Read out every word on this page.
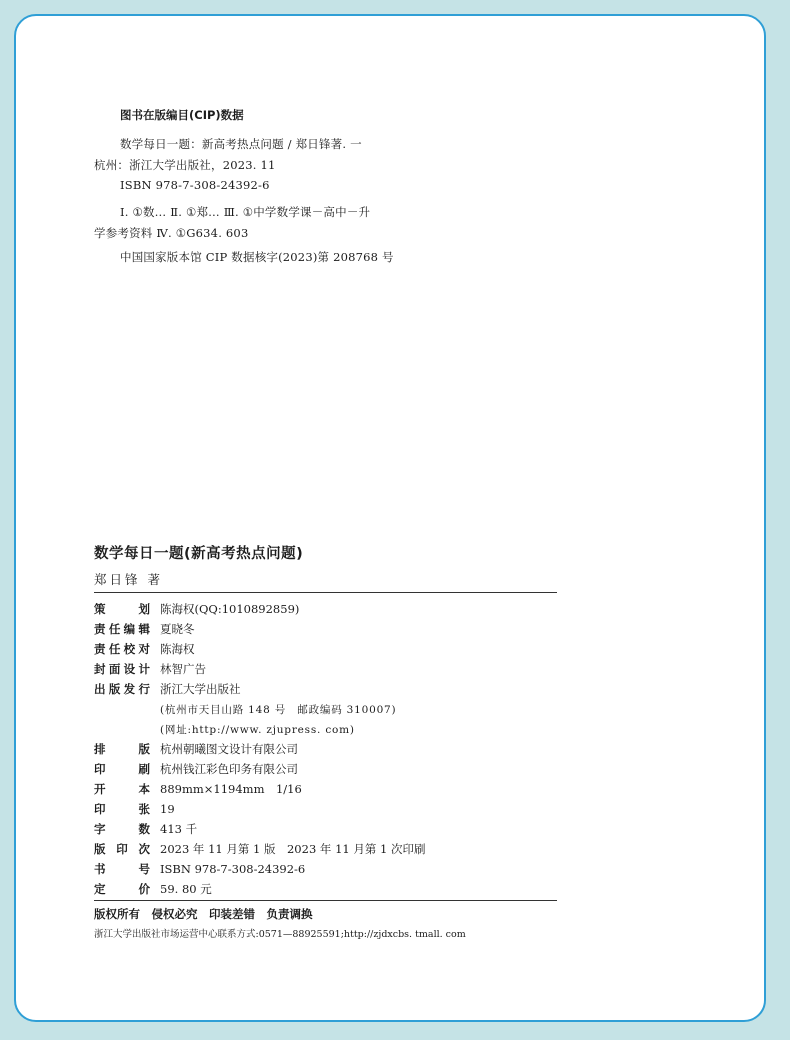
图书在版编目(CIP)数据
数学每日一题：新高考热点问题 / 郑日锋著. 一
杭州：浙江大学出版社，2023. 11
ISBN 978-7-308-24392-6
Ⅰ. ①数… Ⅱ. ①郑… Ⅲ. ①中学数学课－高中－升
学参考资料 Ⅳ. ①G634. 603
中国国家版本馆 CIP 数据核字(2023)第 208768 号
数学每日一题(新高考热点问题)
郑日锋 著
策	划 陈海权(QQ:1010892859)
责 任 编 辑 夏晓冬
责 任 校 对 陈海权
封 面 设 计 林智广告
出 版 发 行 浙江大学出版社
(杭州市天目山路 148 号　邮政编码 310007)
(网址:http://www. zjupress. com)
排	版 杭州朝曦图文设计有限公司
印	刷 杭州钱江彩色印务有限公司
开	本 889mm×1194mm　1/16
印	张 19
字	数 413 千
版 印 次 2023 年 11 月第 1 版　2023 年 11 月第 1 次印刷
书	号 ISBN 978-7-308-24392-6
定	价 59. 80 元
版权所有　侵权必究　印装差错　负责调换
浙江大学出版社市场运营中心联系方式:0571—88925591;http://zjdxcbs. tmall. com
